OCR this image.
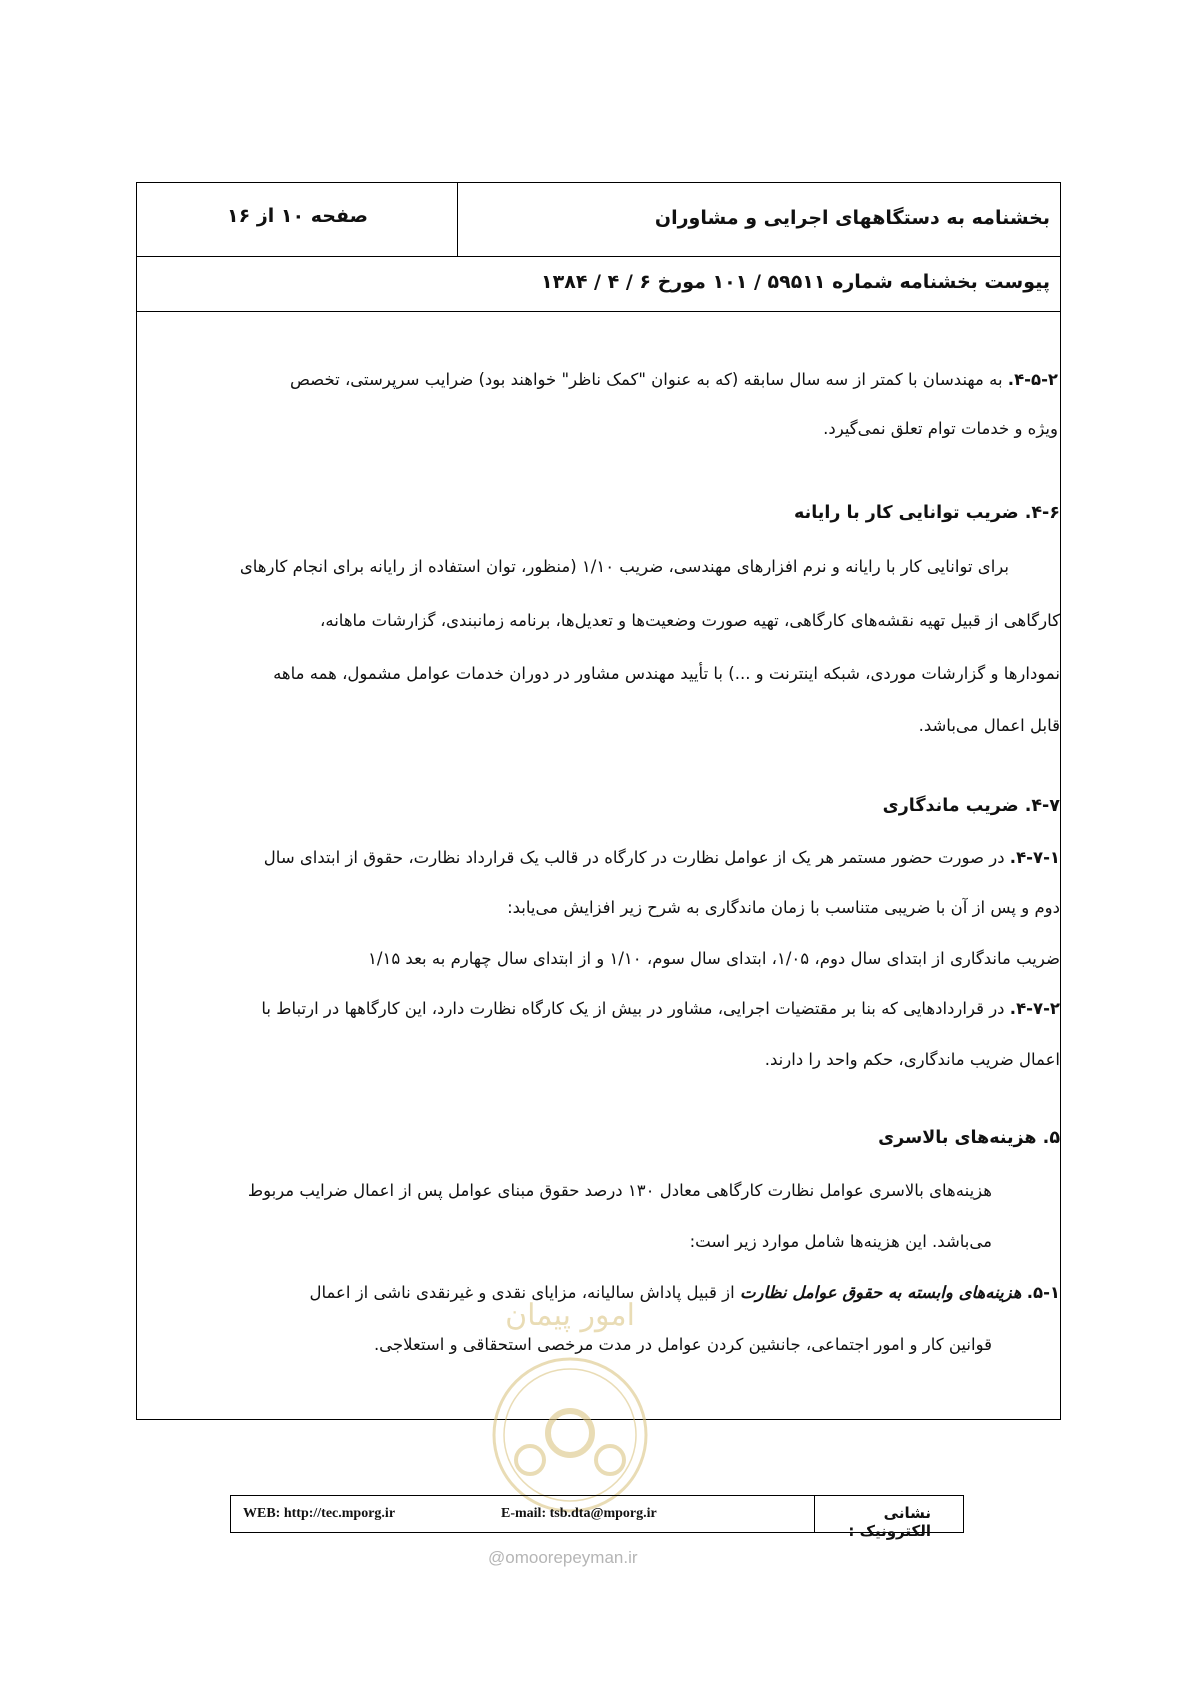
بخشنامه به دستگاههای اجرایی و مشاوران
صفحه ۱۰ از ۱۶
پیوست بخشنامه شماره ۵۹۵۱۱ / ۱۰۱ مورخ ۶ / ۴ / ۱۳۸۴
۴-۵-۲. به مهندسان با کمتر از سه سال سابقه (که به عنوان "کمک ناظر" خواهند بود) ضرایب سرپرستی، تخصص
ویژه و خدمات توام تعلق نمی‌گیرد.
۴-۶. ضریب توانایی کار با رایانه
برای توانایی کار با رایانه و نرم افزارهای مهندسی، ضریب ۱/۱۰ (منظور، توان استفاده از رایانه برای انجام کارهای
کارگاهی از قبیل تهیه نقشه‌های کارگاهی، تهیه صورت وضعیت‌ها و تعدیل‌ها، برنامه زمانبندی، گزارشات ماهانه،
نمودارها و گزارشات موردی، شبکه اینترنت و ...) با تأیید مهندس مشاور در دوران خدمات عوامل مشمول، همه ماهه
قابل اعمال می‌باشد.
۴-۷. ضریب ماندگاری
۴-۷-۱. در صورت حضور مستمر هر یک از عوامل نظارت در کارگاه در قالب یک قرارداد نظارت، حقوق از ابتدای سال
دوم و پس از آن با ضریبی متناسب با زمان ماندگاری به شرح زیر افزایش می‌یابد:
ضریب ماندگاری از ابتدای سال دوم، ۱/۰۵، ابتدای سال سوم، ۱/۱۰ و از ابتدای سال چهارم به بعد ۱/۱۵
۴-۷-۲. در قراردادهایی که بنا بر مقتضیات اجرایی، مشاور در بیش از یک کارگاه نظارت دارد، این کارگاهها در ارتباط با
اعمال ضریب ماندگاری، حکم واحد را دارند.
۵. هزینه‌های بالاسری
هزینه‌های بالاسری عوامل نظارت کارگاهی معادل ۱۳۰ درصد حقوق مبنای عوامل پس از اعمال ضرایب مربوط
می‌باشد. این هزینه‌ها شامل موارد زیر است:
۵-۱. هزینه‌های وابسته به حقوق عوامل نظارت از قبیل پاداش سالیانه، مزایای نقدی و غیرنقدی ناشی از اعمال
قوانین کار و امور اجتماعی، جانشین کردن عوامل در مدت مرخصی استحقاقی و استعلاجی.
امور پیمان
نشانی الکترونیک :
E-mail: tsb.dta@mporg.ir
WEB: http://tec.mporg.ir
@omoorepeyman.ir
